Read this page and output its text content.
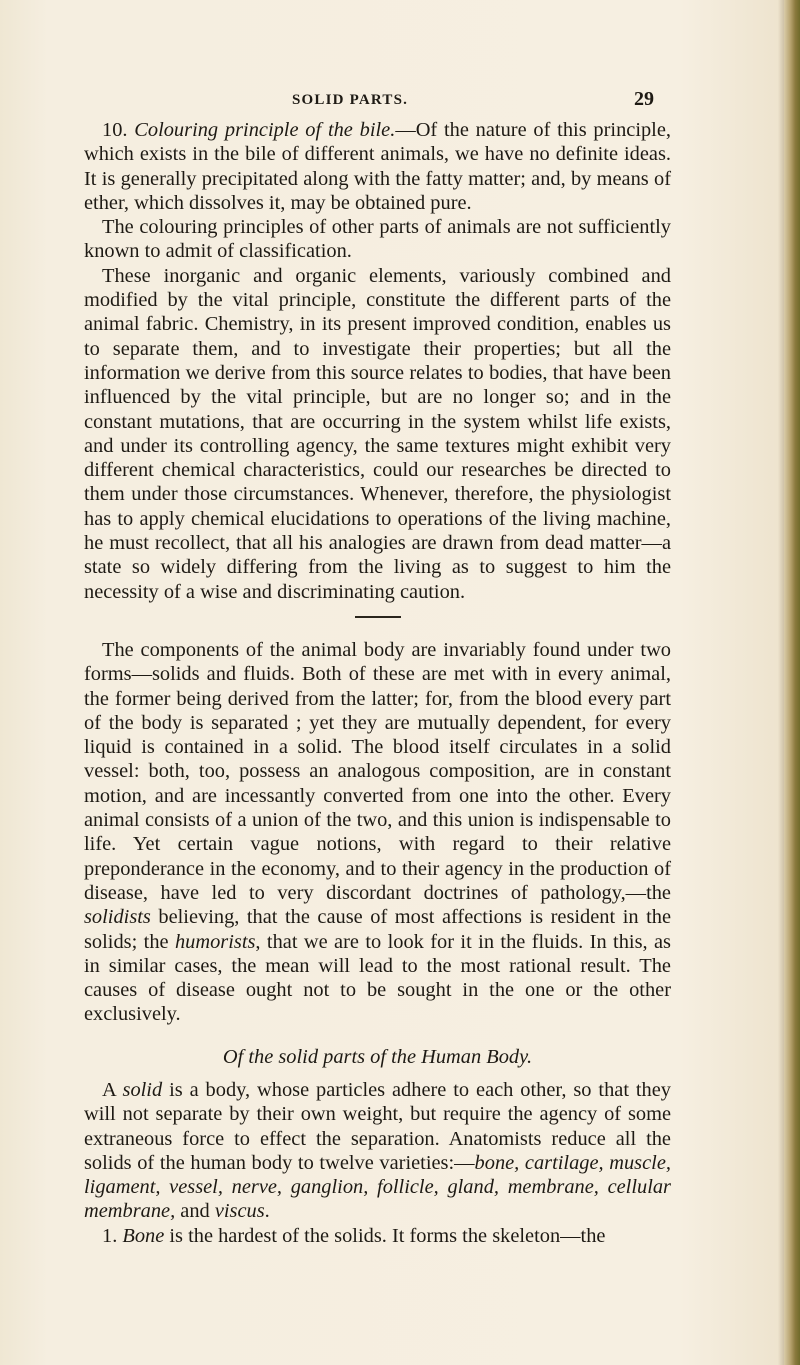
SOLID PARTS.	29

10. Colouring principle of the bile.—Of the nature of this principle, which exists in the bile of different animals, we have no definite ideas. It is generally precipitated along with the fatty matter; and, by means of ether, which dissolves it, may be obtained pure.

The colouring principles of other parts of animals are not sufficiently known to admit of classification.

These inorganic and organic elements, variously combined and modified by the vital principle, constitute the different parts of the animal fabric. Chemistry, in its present improved condition, enables us to separate them, and to investigate their properties; but all the information we derive from this source relates to bodies, that have been influenced by the vital principle, but are no longer so; and in the constant mutations, that are occurring in the system whilst life exists, and under its controlling agency, the same textures might exhibit very different chemical characteristics, could our researches be directed to them under those circumstances. Whenever, therefore, the physiologist has to apply chemical elucidations to operations of the living machine, he must recollect, that all his analogies are drawn from dead matter—a state so widely differing from the living as to suggest to him the necessity of a wise and discriminating caution.

The components of the animal body are invariably found under two forms—solids and fluids. Both of these are met with in every animal, the former being derived from the latter; for, from the blood every part of the body is separated ; yet they are mutually dependent, for every liquid is contained in a solid. The blood itself circulates in a solid vessel: both, too, possess an analogous composition, are in constant motion, and are incessantly converted from one into the other. Every animal consists of a union of the two, and this union is indispensable to life. Yet certain vague notions, with regard to their relative preponderance in the economy, and to their agency in the production of disease, have led to very discordant doctrines of pathology,—the solidists believing, that the cause of most affections is resident in the solids; the humorists, that we are to look for it in the fluids. In this, as in similar cases, the mean will lead to the most rational result. The causes of disease ought not to be sought in the one or the other exclusively.

Of the solid parts of the Human Body.

A solid is a body, whose particles adhere to each other, so that they will not separate by their own weight, but require the agency of some extraneous force to effect the separation. Anatomists reduce all the solids of the human body to twelve varieties:—bone, cartilage, muscle, ligament, vessel, nerve, ganglion, follicle, gland, membrane, cellular membrane, and viscus.

1. Bone is the hardest of the solids. It forms the skeleton—the
